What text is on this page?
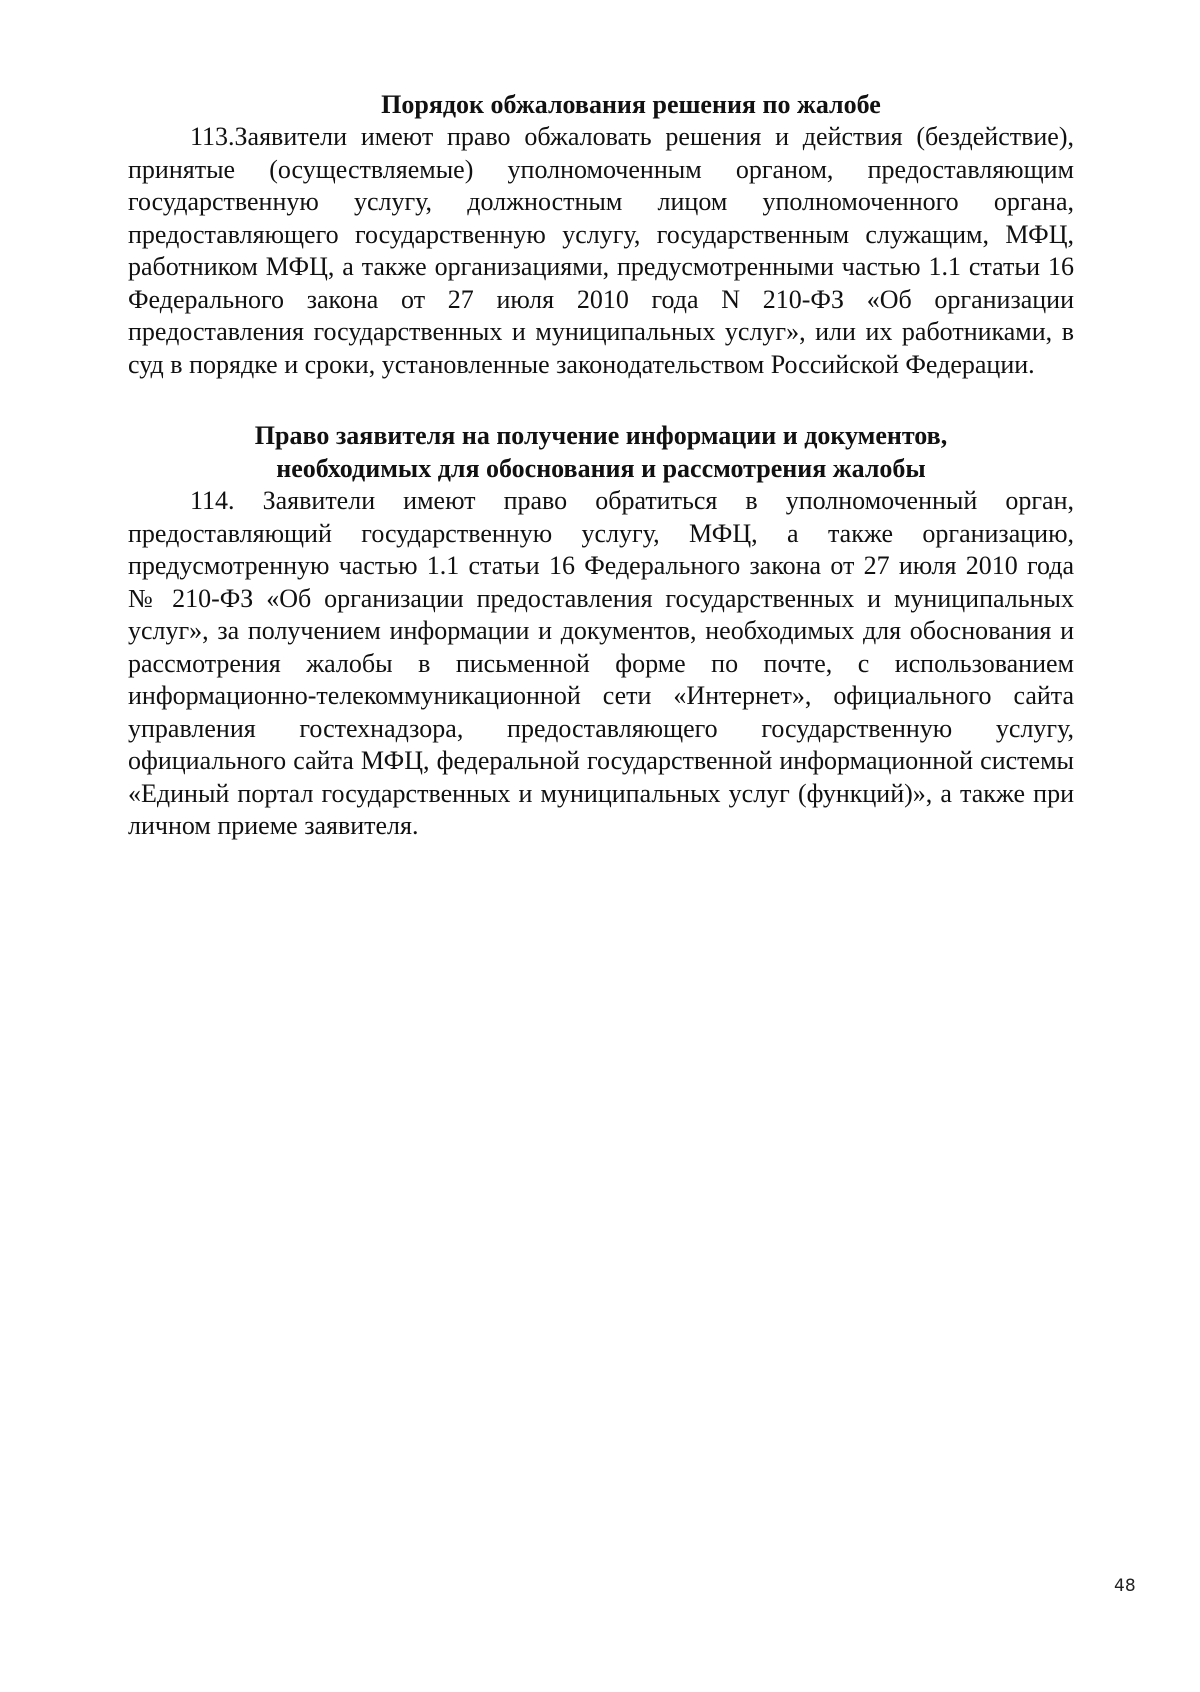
Порядок обжалования решения по жалобе

113.Заявители имеют право обжаловать решения и действия (бездействие), принятые (осуществляемые) уполномоченным органом, предоставляющим государственную услугу, должностным лицом уполномоченного органа, предоставляющего государственную услугу, государственным служащим, МФЦ, работником МФЦ, а также организациями, предусмотренными частью 1.1 статьи 16 Федерального закона от 27 июля 2010 года N 210-ФЗ «Об организации предоставления государственных и муниципальных услуг», или их работниками, в суд в порядке и сроки, установленные законодательством Российской Федерации.

Право заявителя на получение информации и документов,
необходимых для обоснования и рассмотрения жалобы

114. Заявители имеют право обратиться в уполномоченный орган, предоставляющий государственную услугу, МФЦ, а также организацию, предусмотренную частью 1.1 статьи 16 Федерального закона от 27 июля 2010 года № 210-ФЗ «Об организации предоставления государственных и муниципальных услуг», за получением информации и документов, необходимых для обоснования и рассмотрения жалобы в письменной форме по почте, с использованием информационно-телекоммуникационной сети «Интернет», официального сайта управления гостехнадзора, предоставляющего государственную услугу, официального сайта МФЦ, федеральной государственной информационной системы «Единый портал государственных и муниципальных услуг (функций)», а также при личном приеме заявителя.

48
